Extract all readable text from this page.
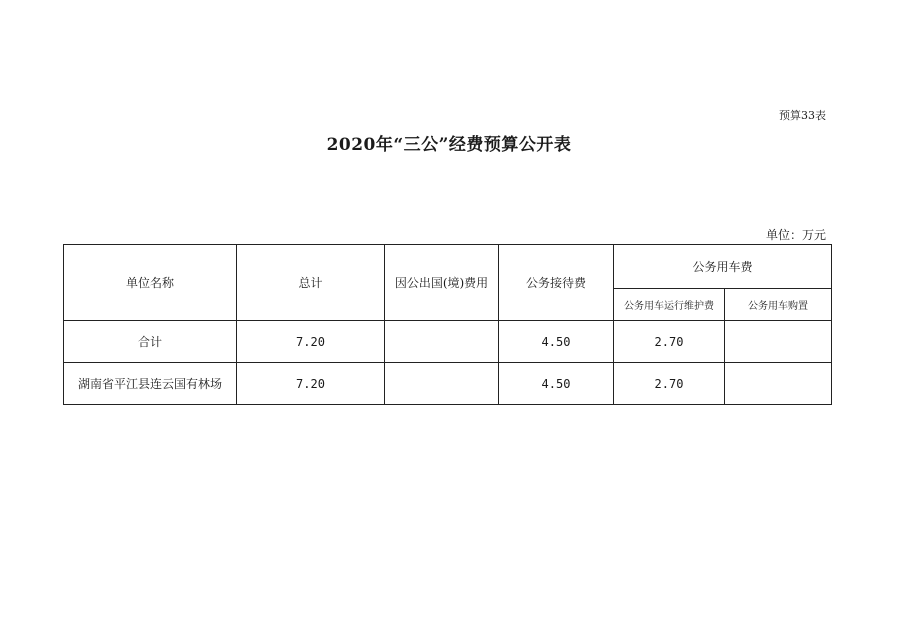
预算33表
2020年“三公”经费预算公开表
单位：万元
单位名称	总计	因公出国(境)费用	公务接待费	公务用车费	
				公务用车运行维护费	公务用车购置
合计	7.20		4.50	2.70	
湖南省平江县连云国有林场	7.20		4.50	2.70	
